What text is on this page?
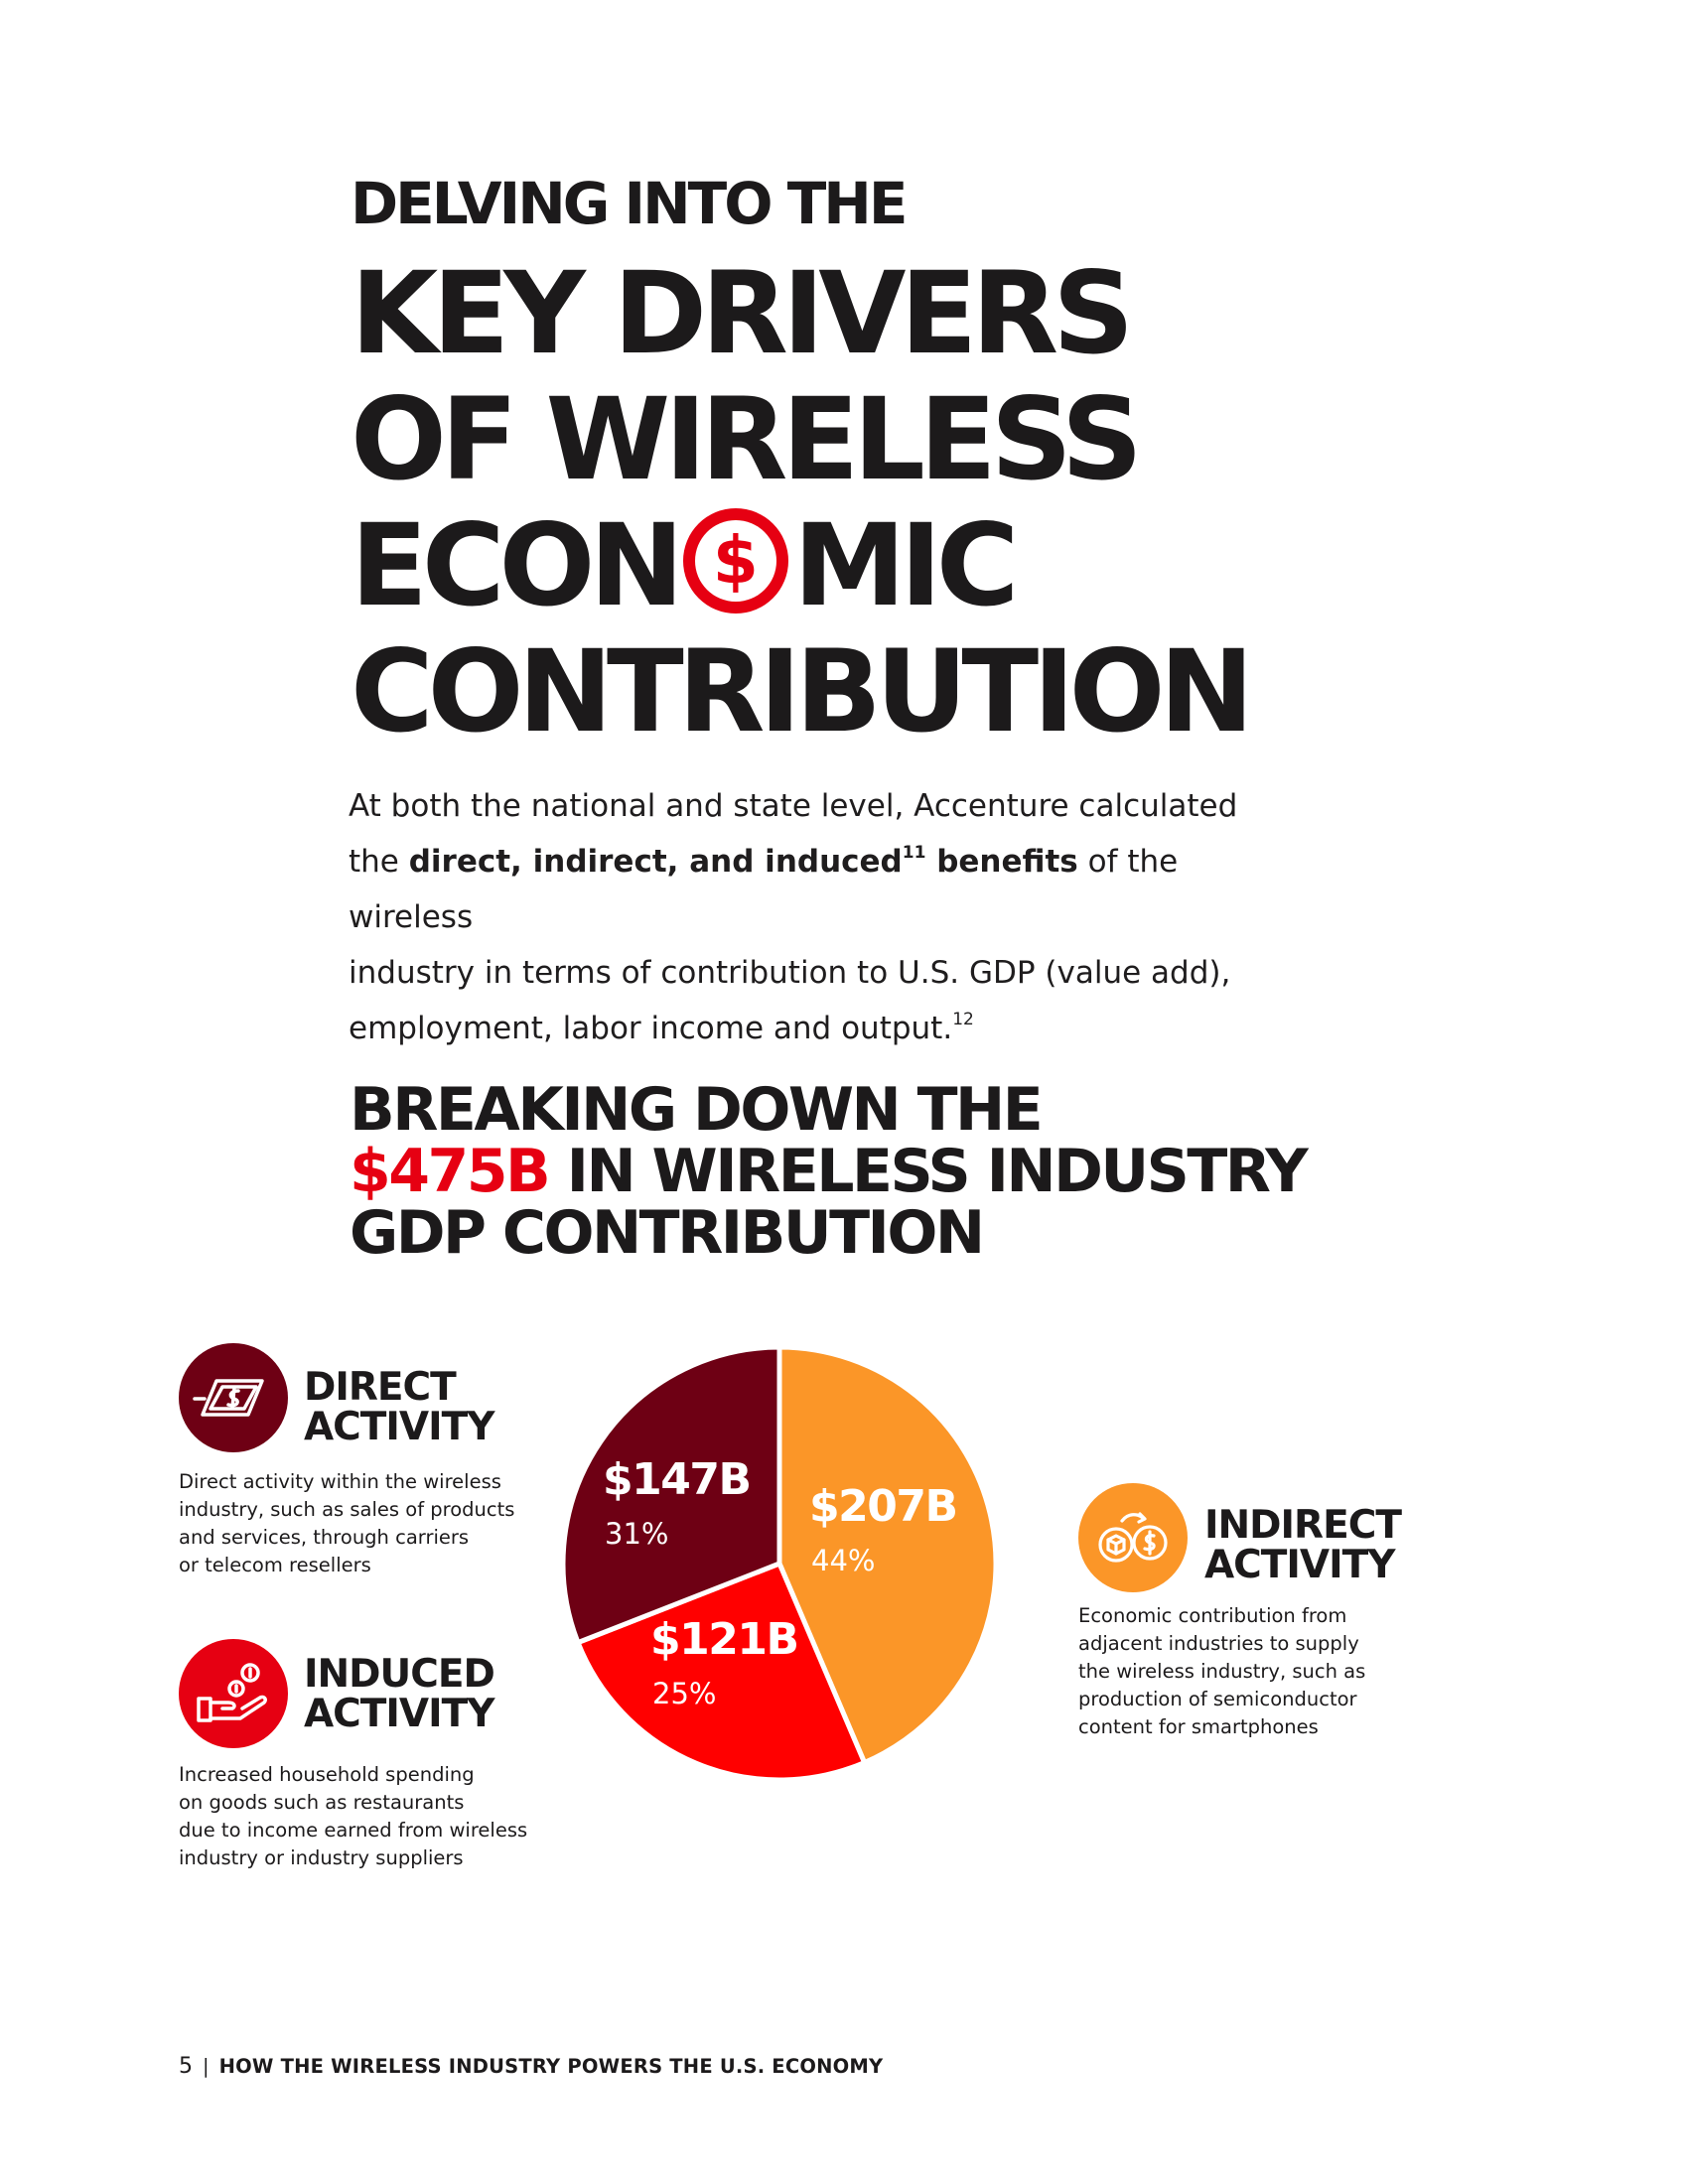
DELVING INTO THE
KEY DRIVERS
OF WIRELESS
ECON $ MIC
CONTRIBUTION
At both the national and state level, Accenture calculated
the direct, indirect, and induced$^{11}$ benefits of the wireless
industry in terms of contribution to U.S. GDP (value add),
employment, labor income and output.$^{12}$
BREAKING DOWN THE
$475B IN WIRELESS INDUSTRY
GDP CONTRIBUTION
DIRECT
ACTIVITY
Direct activity within the wireless
industry, such as sales of products
and services, through carriers
or telecom resellers
INDUCED
ACTIVITY
Increased household spending
on goods such as restaurants
due to income earned from wireless
industry or industry suppliers
INDIRECT
ACTIVITY
Economic contribution from
adjacent industries to supply
the wireless industry, such as
production of semiconductor
content for smartphones
$207B
44%
$121B
25%
$147B
31%
5 | HOW THE WIRELESS INDUSTRY POWERS THE U.S. ECONOMY
